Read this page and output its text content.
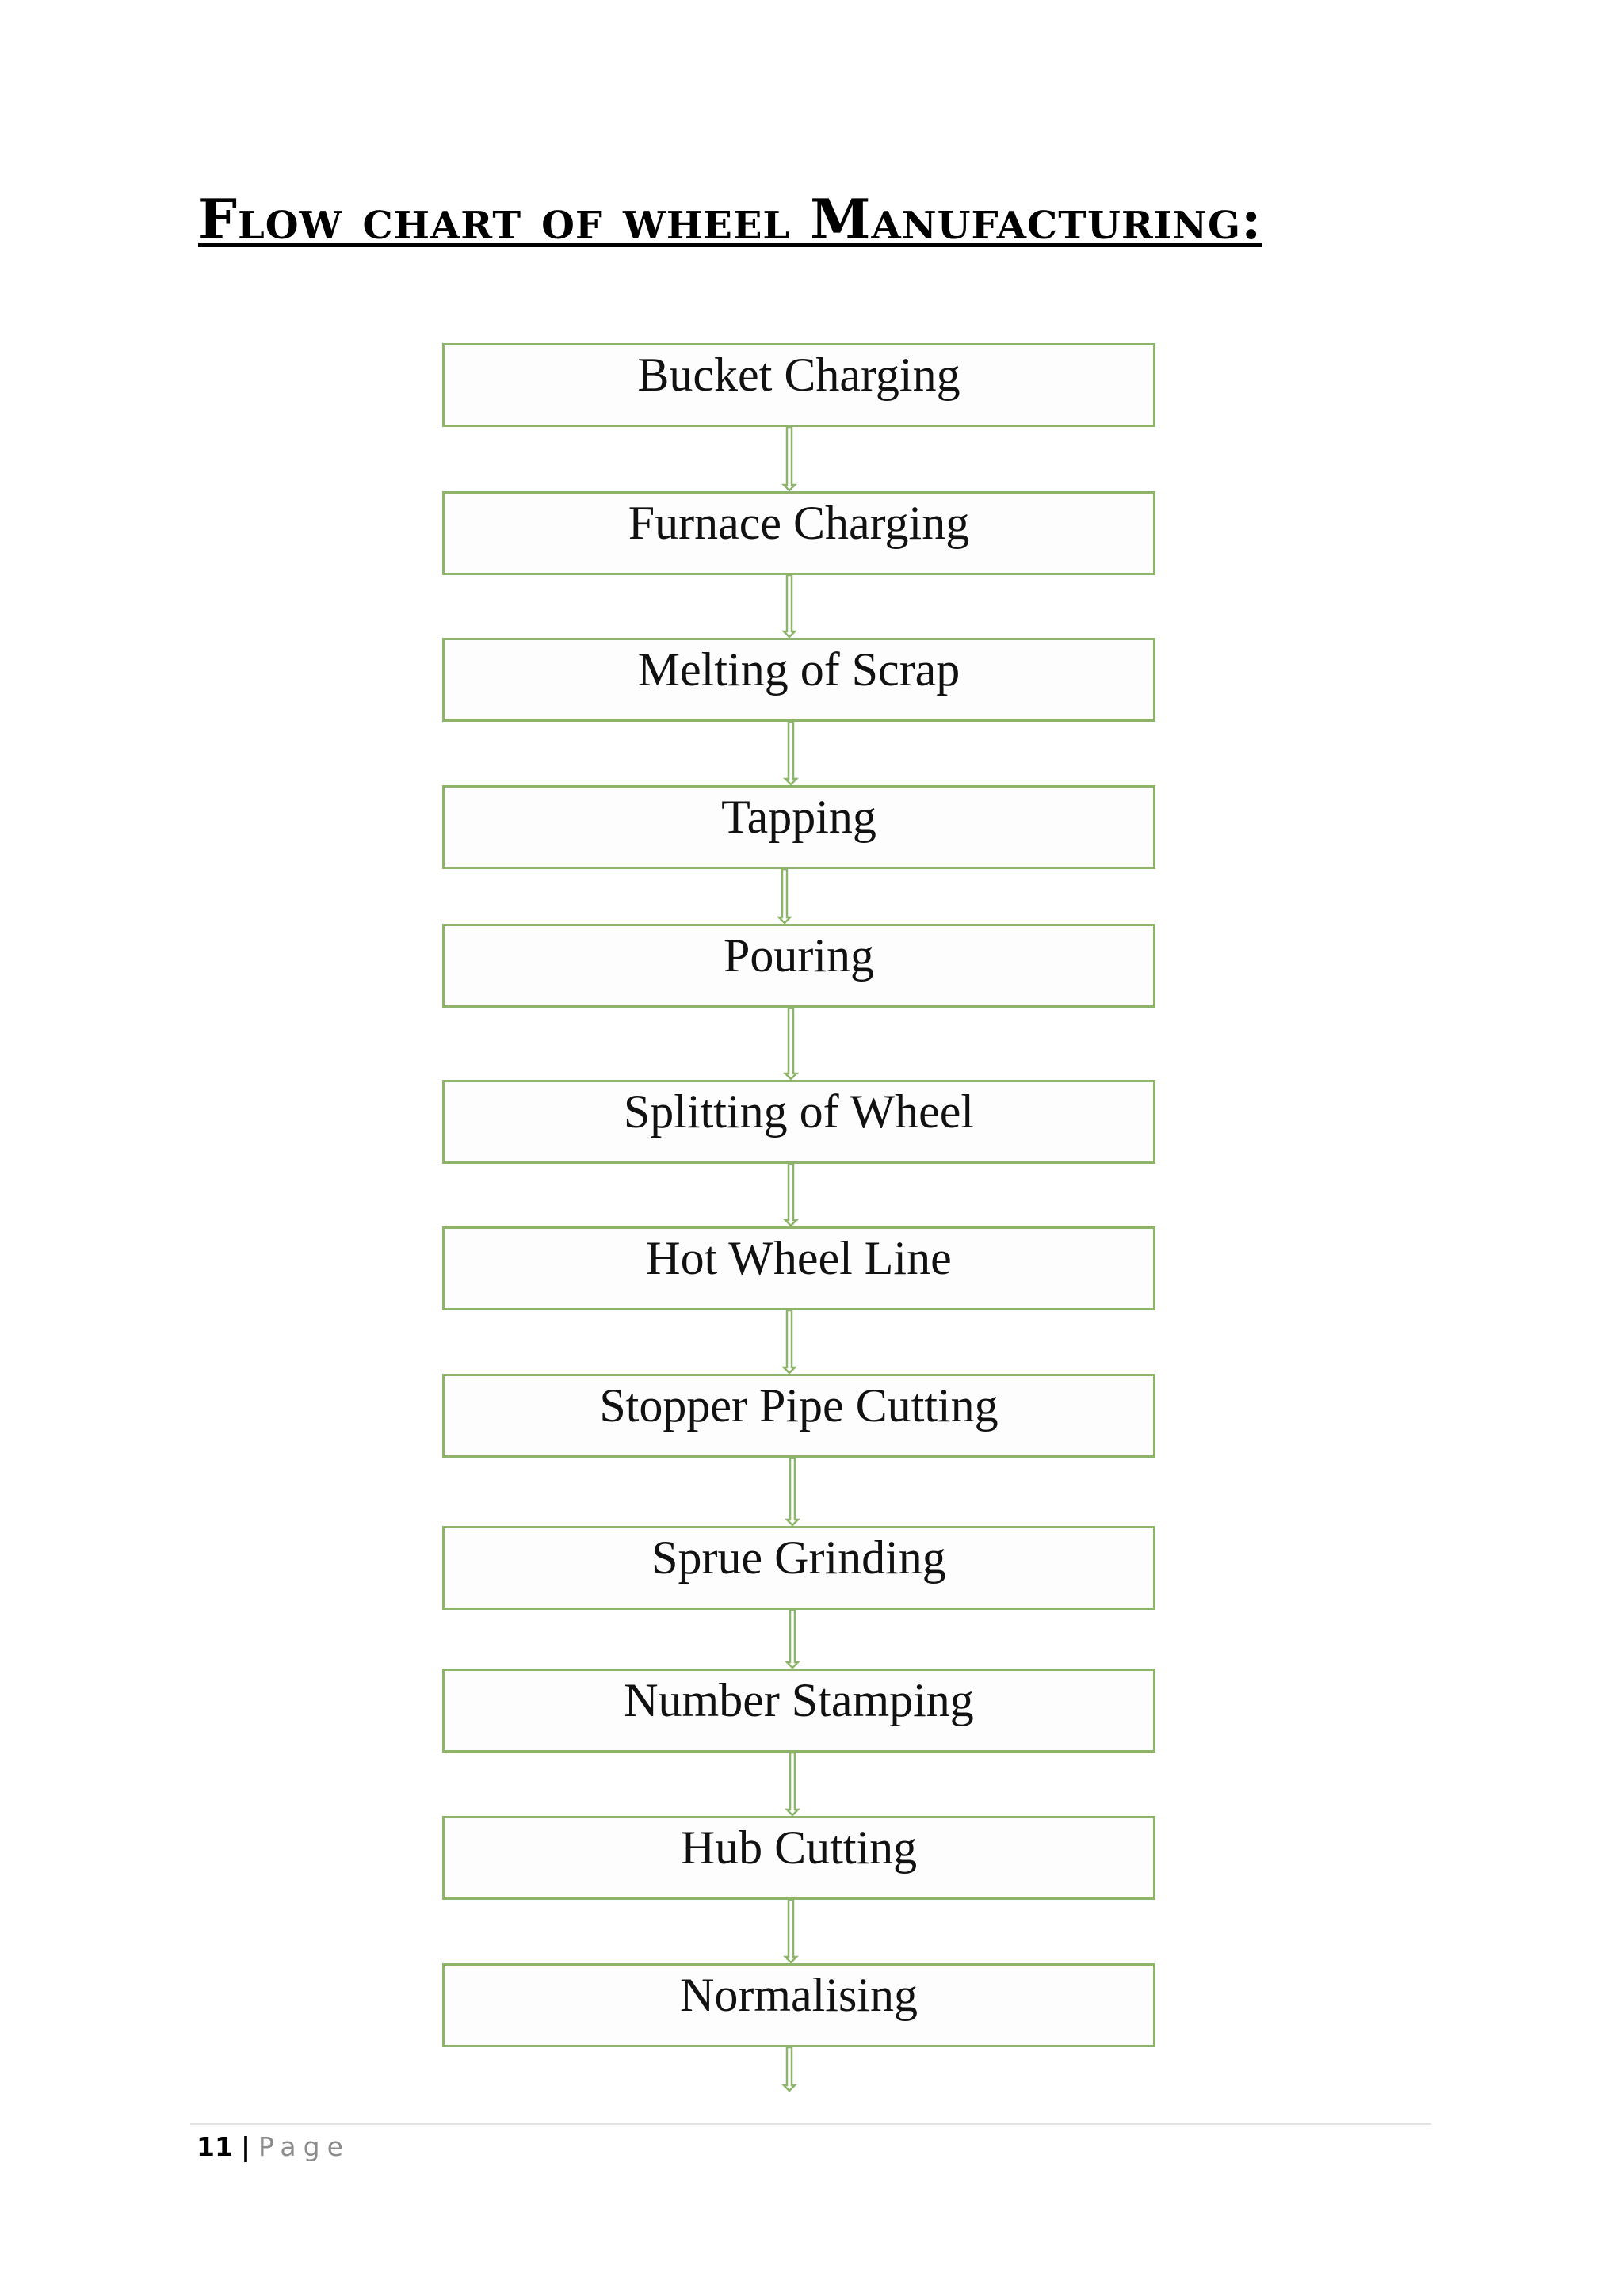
Flow chart of wheel Manufacturing:
Bucket Charging
Furnace Charging
Melting of Scrap
Tapping
Pouring
Splitting of Wheel
Hot Wheel Line
Stopper Pipe Cutting
Sprue Grinding
Number Stamping
Hub Cutting
Normalising
11 | Page
